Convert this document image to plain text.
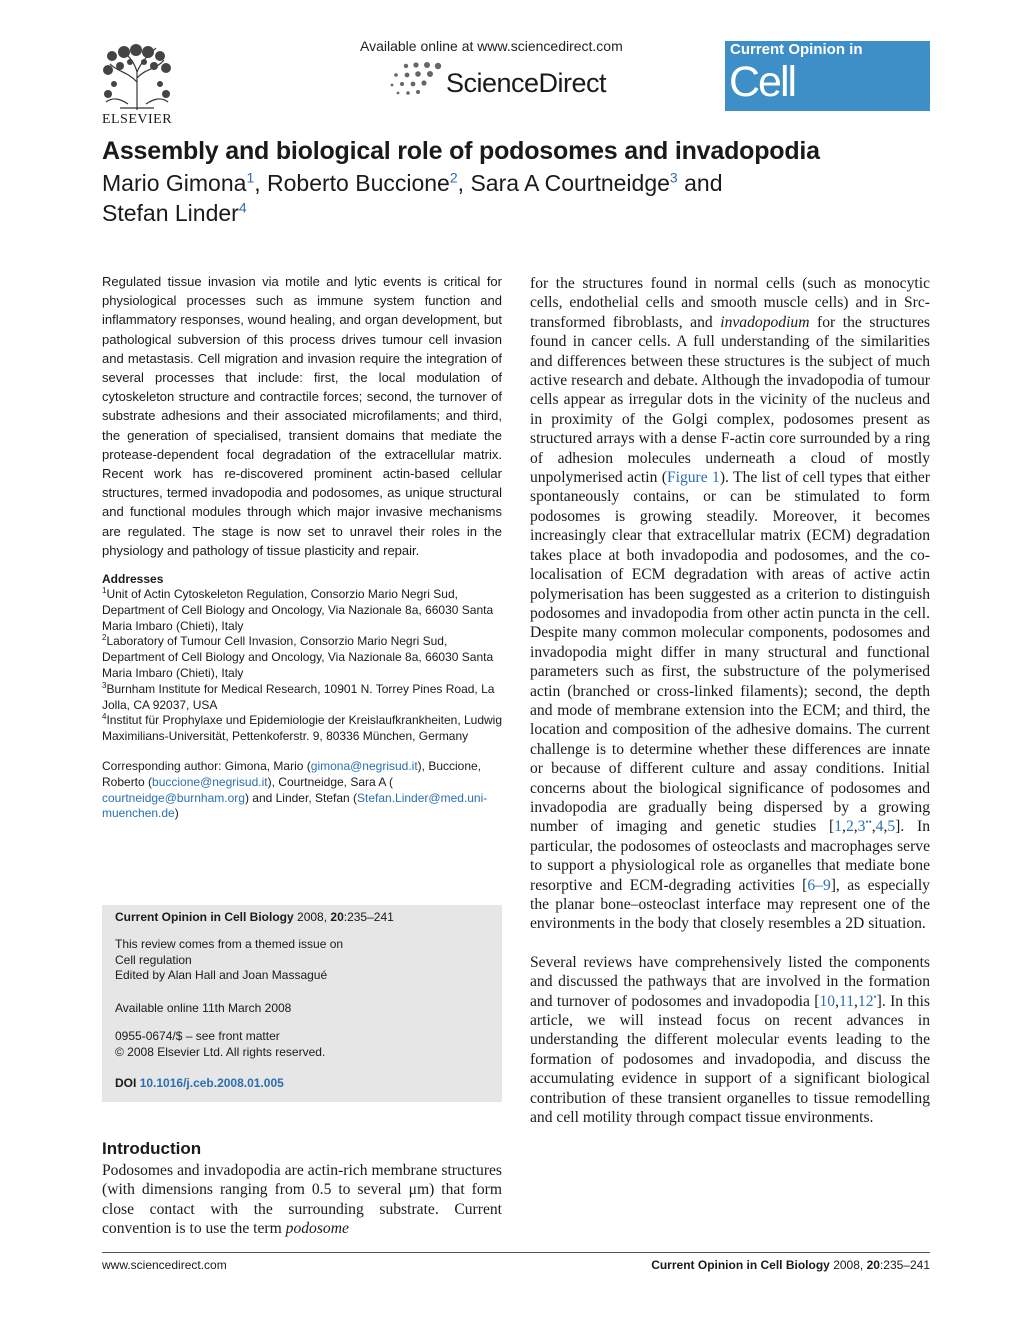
ELSEVIER
Available online at www.sciencedirect.com
ScienceDirect
Current Opinion in
Cell Biology
Assembly and biological role of podosomes and invadopodia

Mario Gimona$^1$, Roberto Buccione$^2$, Sara A Courtneidge$^3$ and
Stefan Linder$^4$

Regulated tissue invasion via motile and lytic events is critical for physiological processes such as immune system function and inflammatory responses, wound healing, and organ development, but pathological subversion of this process drives tumour cell invasion and metastasis. Cell migration and invasion require the integration of several processes that include: first, the local modulation of cytoskeleton structure and contractile forces; second, the turnover of substrate adhesions and their associated microfilaments; and third, the generation of specialised, transient domains that mediate the protease-dependent focal degradation of the extracellular matrix. Recent work has re-discovered prominent actin-based cellular structures, termed invadopodia and podosomes, as unique structural and functional modules through which major invasive mechanisms are regulated. The stage is now set to unravel their roles in the physiology and pathology of tissue plasticity and repair.

Addresses

$^1$Unit of Actin Cytoskeleton Regulation, Consorzio Mario Negri Sud, Department of Cell Biology and Oncology, Via Nazionale 8a, 66030 Santa Maria Imbaro (Chieti), Italy

$^2$Laboratory of Tumour Cell Invasion, Consorzio Mario Negri Sud, Department of Cell Biology and Oncology, Via Nazionale 8a, 66030 Santa Maria Imbaro (Chieti), Italy

$^3$Burnham Institute for Medical Research, 10901 N. Torrey Pines Road, La Jolla, CA 92037, USA

$^4$Institut für Prophylaxe und Epidemiologie der Kreislaufkrankheiten, Ludwig Maximilians-Universität, Pettenkoferstr. 9, 80336 München, Germany

Corresponding author: Gimona, Mario (gimona@negrisud.it), Buccione, Roberto (buccione@negrisud.it), Courtneidge, Sara A (
courtneidge@burnham.org) and Linder, Stefan (Stefan.Linder@med.uni-muenchen.de)

Current Opinion in Cell Biology 2008, 20:235–241

This review comes from a themed issue on
Cell regulation
Edited by Alan Hall and Joan Massagué

Available online 11th March 2008

0955-0674/$ – see front matter
© 2008 Elsevier Ltd. All rights reserved.

DOI 10.1016/j.ceb.2008.01.005

Introduction

Podosomes and invadopodia are actin-rich membrane structures (with dimensions ranging from 0.5 to several μm) that form close contact with the surrounding substrate. Current convention is to use the term podosome

for the structures found in normal cells (such as monocytic cells, endothelial cells and smooth muscle cells) and in Src-transformed fibroblasts, and invadopodium for the structures found in cancer cells. A full understanding of the similarities and differences between these structures is the subject of much active research and debate. Although the invadopodia of tumour cells appear as irregular dots in the vicinity of the nucleus and in proximity of the Golgi complex, podosomes present as structured arrays with a dense F-actin core surrounded by a ring of adhesion molecules underneath a cloud of mostly unpolymerised actin (Figure 1). The list of cell types that either spontaneously contains, or can be stimulated to form podosomes is growing steadily. Moreover, it becomes increasingly clear that extracellular matrix (ECM) degradation takes place at both invadopodia and podosomes, and the co-localisation of ECM degradation with areas of active actin polymerisation has been suggested as a criterion to distinguish podosomes and invadopodia from other actin puncta in the cell. Despite many common molecular components, podosomes and invadopodia might differ in many structural and functional parameters such as first, the substructure of the polymerised actin (branched or cross-linked filaments); second, the depth and mode of membrane extension into the ECM; and third, the location and composition of the adhesive domains. The current challenge is to determine whether these differences are innate or because of different culture and assay conditions. Initial concerns about the biological significance of podosomes and invadopodia are gradually being dispersed by a growing number of imaging and genetic studies [1,2,3••,4,5]. In particular, the podosomes of osteoclasts and macrophages serve to support a physiological role as organelles that mediate bone resorptive and ECM-degrading activities [6–9], as especially the planar bone–osteoclast interface may represent one of the environments in the body that closely resembles a 2D situation.

Several reviews have comprehensively listed the components and discussed the pathways that are involved in the formation and turnover of podosomes and invadopodia [10,11,12•]. In this article, we will instead focus on recent advances in understanding the different molecular events leading to the formation of podosomes and invadopodia, and discuss the accumulating evidence in support of a significant biological contribution of these transient organelles to tissue remodelling and cell motility through compact tissue environments.

www.sciencedirect.com	Current Opinion in Cell Biology 2008, 20:235–241
